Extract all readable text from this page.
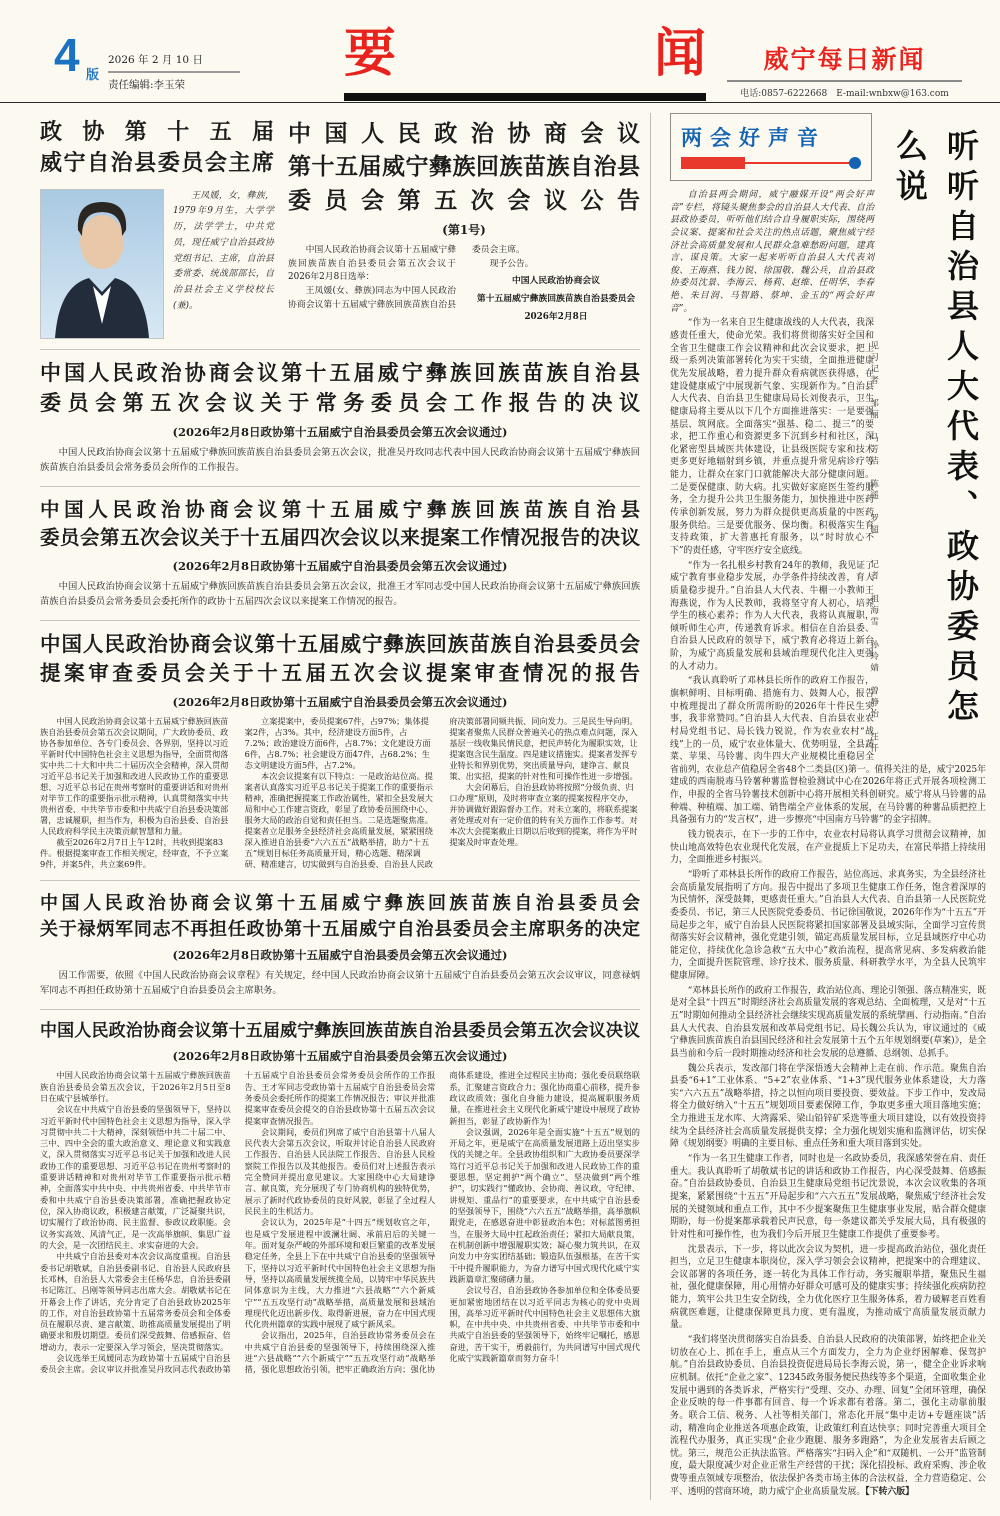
4 版
2026 年 2 月 10 日
责任编辑:李玉荣
要	闻	威宁每日新闻
电话:0857-6222668　E-mail:wnbxw@163.com
政协第十五届
威宁自治县委员会主席

王凤媛，女，彝族，1979年9月生，大学学历，法学学士，中共党员，现任威宁自治县政协党组书记、主席，自治县委常委、统战部部长，自治县社会主义学校校长(兼)。

中国人民政治协商会议
第十五届威宁彝族回族苗族自治县
委员会第五次会议公告
(第1号)

中国人民政治协商会议第十五届威宁彝族回族苗族自治县委员会第五次会议于2026年2月8日选举：

王凤媛(女、彝族)同志为中国人民政治协商会议第十五届威宁彝族回族苗族自治县委员会主席。

现予公告。

中国人民政治协商会议

第十五届威宁彝族回族苗族自治县委员会

2026年2月8日

中国人民政治协商会议第十五届威宁彝族回族苗族自治县
委员会第五次会议关于常务委员会工作报告的决议
(2026年2月8日政协第十五届威宁自治县委员会第五次会议通过)

中国人民政治协商会议第十五届威宁彝族回族苗族自治县委员会第五次会议，批准吴丹玫同志代表中国人民政治协商会议第十五届威宁彝族回族苗族自治县委员会常务委员会所作的工作报告。

中国人民政治协商会议第十五届威宁彝族回族苗族自治县
委员会第五次会议关于十五届四次会议以来提案工作情况报告的决议
(2026年2月8日政协第十五届威宁自治县委员会第五次会议通过)

中国人民政治协商会议第十五届威宁彝族回族苗族自治县委员会第五次会议，批准王才军同志受中国人民政治协商会议第十五届威宁彝族回族苗族自治县委员会常务委员会委托所作的政协十五届四次会议以来提案工作情况的报告。

中国人民政治协商会议第十五届威宁彝族回族苗族自治县委员会
提案审查委员会关于十五届五次会议提案审查情况的报告
(2026年2月8日政协第十五届威宁自治县委员会第五次会议通过)

中国人民政治协商会议第十五届威宁彝族回族苗族自治县委员会第五次会议期间，广大政协委员、政协各参加单位、各专门委员会、各界别，坚持以习近平新时代中国特色社会主义思想为指导，全面贯彻落实中共二十大和中共二十届历次全会精神，深入贯彻习近平总书记关于加强和改进人民政协工作的重要思想、习近平总书记在贵州考察时的重要讲话和对贵州对毕节工作的重要指示批示精神，认真贯彻落实中共贵州省委、中共毕节市委和中共威宁自治县委决策部署，忠诚履职，担当作为，积极为自治县委、自治县人民政府科学民主决策贡献智慧和力量。

截至2026年2月7日上午12时，共收到提案83件。根据提案审查工作相关规定，经审查，不予立案9件，并案5件，共立案69件。

立案提案中，委员提案67件，占97%；集体提案2件，占3%。其中，经济建设方面5件，占7.2%；政治建设方面6件，占8.7%；文化建设方面6件，占8.7%；社会建设方面47件，占68.2%；生态文明建设方面5件，占7.2%。

本次会议提案有以下特点：一是政治站位高。提案者认真落实习近平总书记关于提案工作的重要指示精神，准确把握提案工作政治属性，紧扣全县发展大局和中心工作建言资政，彰显了政协委员围绕中心、服务大局的政治自觉和责任担当。二是选题聚焦准。提案者立足服务全县经济社会高质量发展，紧紧围绕深入推进自治县委“六六五五”战略举措，助力“十五五”规划目标任务高质量开局，精心选题、精深调研、精准建言，切实做到与自治县委、自治县人民政府决策部署同频共振、同向发力。三是民生导向明。提案者聚焦人民群众普遍关心的热点难点问题，深入基层一线收集民情民意，把民声转化为履职实效，让提案饱含民生温度。四是建议措施实。提案者发挥专业特长和界别优势，突出质量导向，建诤言、献良策、出实招，提案的针对性和可操作性进一步增强。

大会闭幕后，自治县政协将按照“分级负责、归口办理”原则，及时将审查立案的提案按程序交办，并协调做好跟踪督办工作。对未立案的，将联系提案者处理或对有一定价值的转有关方面作工作参考。对本次大会提案截止日期以后收到的提案，将作为平时提案及时审查处理。

中国人民政治协商会议第十五届威宁彝族回族苗族自治县委员会
关于禄炳军同志不再担任政协第十五届威宁自治县委员会主席职务的决定
(2026年2月8日政协第十五届威宁自治县委员会第五次会议通过)

因工作需要，依照《中国人民政治协商会议章程》有关规定，经中国人民政治协商会议第十五届威宁自治县委员会第五次会议审议，同意禄炳军同志不再担任政协第十五届威宁自治县委员会主席职务。

中国人民政治协商会议第十五届威宁彝族回族苗族自治县委员会第五次会议决议
(2026年2月8日政协第十五届威宁自治县委员会第五次会议通过)

中国人民政治协商会议第十五届威宁彝族回族苗族自治县委员会第五次会议，于2026年2月5日至8日在威宁县城举行。

会议在中共威宁自治县委的坚强领导下，坚持以习近平新时代中国特色社会主义思想为指导，深入学习贯彻中共二十大精神，深刻领悟中共二十届二中、三中、四中全会的重大政治意义、理论意义和实践意义，深入贯彻落实习近平总书记关于加强和改进人民政协工作的重要思想、习近平总书记在贵州考察时的重要讲话精神和对贵州对毕节工作重要指示批示精神，全面落实中共中央、中共贵州省委、中共毕节市委和中共威宁自治县委决策部署，准确把握政协定位，深入协商议政，积极建言献策，广泛凝聚共识，切实履行了政治协商、民主监督、参政议政职能。会议务实高效、风清气正，是一次高举旗帜、集思广益的大会，是一次团结民主、求实奋进的大会。

中共威宁自治县委对本次会议高度重视。自治县委书记胡敬斌，自治县委副书记、自治县人民政府县长邓林，自治县人大常委会主任杨华忠，自治县委副书记陈江、吕刚等领导同志出席大会。胡敬斌书记在开幕会上作了讲话，充分肯定了自治县政协2025年的工作，对自治县政协第十五届常务委员会和全体委员在履职尽责、建言献策、助推高质量发展提出了明确要求和殷切期望。委员们深受鼓舞、倍感振奋、倍增动力，表示一定要深入学习领会，坚决贯彻落实。

会议选举王凤媛同志为政协第十五届威宁自治县委员会主席。会议审议并批准吴丹玫同志代表政协第十五届威宁自治县委员会常务委员会所作的工作报告、王才军同志受政协第十五届威宁自治县委员会常务委员会委托所作的提案工作情况报告；审议并批准提案审查委员会提交的自治县政协第十五届五次会议提案审查情况报告。

会议期间，委员们列席了威宁自治县第十八届人民代表大会第五次会议，听取并讨论自治县人民政府工作报告、自治县人民法院工作报告、自治县人民检察院工作报告以及其他报告。委员们对上述报告表示完全赞同并提出意见建议。大家围绕中心大局建诤言、献良策，充分展现了专门协商机构的独特优势，展示了新时代政协委员的良好风貌，彰显了全过程人民民主的生机活力。

会议认为，2025年是“十四五”规划收官之年，也是威宁发展进程中波澜壮阔、承前启后的关键一年。面对复杂严峻的外部环境和艰巨繁重的改革发展稳定任务，全县上下在中共威宁自治县委的坚强领导下，坚持以习近平新时代中国特色社会主义思想为指导，坚持以高质量发展统揽全局，以铸牢中华民族共同体意识为主线，大力推进“六县战略”“六个新威宁”“五五攻坚行动”战略举措，高质量发展和县域治理现代化迈出新步伐、取得新进展，奋力在中国式现代化贵州篇章的实践中展现了威宁新风采。

会议指出，2025年，自治县政协常务委员会在中共威宁自治县委的坚强领导下，持续围绕深入推进“六县战略”“六个新威宁”“五五攻坚行动”战略举措，强化思想政治引领，把牢正确政治方向；强化协商体系建设，推进全过程民主协商；强化委员联络联系，汇聚建言资政合力；强化协商重心前移，提升参政议政质效；强化自身能力建设，提高履职服务质量，在推进社会主义现代化新威宁建设中展现了政协新担当，彰显了政协新作为！

会议强调，2026年是全面实施“十五五”规划的开局之年，更是威宁在高质量发展道路上迈出坚实步伐的关键之年。全县政协组织和广大政协委员要深学笃行习近平总书记关于加强和改进人民政协工作的重要思想，坚定拥护“两个确立”、坚决做到“两个维护”，切实践行“懂政协、会协商、善议政，守纪律、讲规矩、重品行”的重要要求，在中共威宁自治县委的坚强领导下，围绕“六六五五”战略举措，高举旗帜跟党走，在感恩奋进中彰显政治本色；对标蓝图勇担当，在服务大局中扛起政治责任；紧扣大局献良策，在机制创新中增强履职实效；凝心聚力筑共识，在双向发力中夯实团结基础；锻造队伍强根基，在苦干实干中提升履职能力，为奋力谱写中国式现代化威宁实践新篇章汇聚磅礴力量。

会议号召，自治县政协各参加单位和全体委员要更加紧密地团结在以习近平同志为核心的党中央周围，高举习近平新时代中国特色社会主义思想伟大旗帜，在中共中央、中共贵州省委、中共毕节市委和中共威宁自治县委的坚强领导下，始终牢记嘱托，感恩奋进，苦干实干，勇毅前行，为共同谱写中国式现代化威宁实践新篇章而努力奋斗！

听听自治县人大代表、政协委员怎么说
见习记者　邹丽　马芳洁　陈遥　罗超　　记者　祖海雪　孙玲婧　曾静怡　汪仟
两会好声音

自治县两会期间，威宁融媒开设“两会好声音”专栏，将镜头聚焦参会的自治县人大代表、自治县政协委员，听听他们结合自身履职实际，围绕两会议案、提案和社会关注的热点话题，聚焦威宁经济社会高质量发展和人民群众急难愁盼问题，建真言、谋良策。大家一起来听听自治县人大代表刘俊、王海燕、钱力锐、徐国敬、魏公兵，自治县政协委员沈景、李海云、杨莉、赵维、任明华、李春艳、朱目润、马智路、蔡坤、金玉的“两会好声音”。

“作为一名来自卫生健康战线的人大代表，我深感责任重大，使命光荣。我们将贯彻落实好全国和全省卫生健康工作会议精神和此次会议要求，把上级一系列决策部署转化为实干实绩，全面推进健康优先发展战略，着力提升群众看病就医获得感，在建设健康威宁中展现新气象、实现新作为。”自治县人大代表、自治县卫生健康局局长刘俊表示，卫生健康局将主要从以下几个方面推进落实：一是要强基层、筑网底。全面落实“强基、稳二、提三”的要求，把工作重心和资源更多下沉到乡村和社区，深化紧密型县域医共体建设，让县级医院专家和技术更多更好地辐射到乡镇，并重点提升常见病诊疗等能力，让群众在家门口就能解决大部分健康问题。二是要保健康、防大病。扎实做好家庭医生签约服务，全力提升公共卫生服务能力，加快推进中医药传承创新发展，努力为群众提供更高质量的中医药服务供给。三是要优服务、保均衡。积极落实生育支持政策，扩大普惠托育服务，以“时时放心不下”的责任感，守牢医疗安全底线。

“作为一名扎根乡村教育24年的教师，我见证了威宁教育事业稳步发展，办学条件持续改善，育人质量稳步提升。”自治县人大代表、牛棚一小教师王海燕说，作为人民教师，我将坚守育人初心，培养学生的核心素养；作为人大代表，我将认真履职，倾听师生心声，传递教育诉求。相信在自治县委、自治县人民政府的领导下，威宁教育必将迈上新台阶，为威宁高质量发展和县域治理现代化注入更强的人才动力。

“我认真聆听了邓林县长所作的政府工作报告，旗帜鲜明、目标明确、措施有力、鼓舞人心，报告中梳理提出了群众所需所盼的2026年十件民生实事，我非常赞同。”自治县人大代表、自治县农业农村局党组书记、局长钱力锐说，作为农业农村“战线”上的一员，威宁农业体量大、优势明显，全县蔬菜、苹果、马铃薯、肉牛四大产业规模比重稳居全省前列，农业总产值稳居全省48个二类县(区)第一。值得关注的是，威宁2025年建成的西南脱毒马铃薯种薯监督检验测试中心在2026年将正式开展各项检测工作，申报的全省马铃薯技术创新中心将开展相关科创研究。威宁将从马铃薯的品种端、种植端、加工端、销售端全产业体系的发展，在马铃薯的种薯品质把控上具备强有力的“发言权”，进一步擦亮“中国南方马铃薯”的金字招牌。

钱力锐表示，在下一步的工作中，农业农村局将认真学习贯彻会议精神，加快山地高效特色农业现代化发展，在产业提质上下足功夫，在富民举措上持续用力，全面推进乡村振兴。

“聆听了邓林县长所作的政府工作报告，站位高远、求真务实，为全县经济社会高质量发展指明了方向。报告中提出了多项卫生健康工作任务，饱含着深厚的为民情怀，深受鼓舞，更感责任重大。”自治县人大代表、自治县第一人民医院党委委员、书记，第三人民医院党委委员、书记徐国敬说，2026年作为“十五五”开局起步之年，威宁自治县人民医院将紧扣国家部署及县域实际，全面学习宣传贯彻落实好会议精神，强化党建引领，锚定高质量发展目标，立足县域医疗中心功能定位，持续优化急诊急救“五大中心”救治流程，提高常见病、多发病救治能力，全面提升医院管理、诊疗技术、服务质量、科研教学水平，为全县人民筑牢健康屏障。

“邓林县长所作的政府工作报告，政治站位高、理论引领强、落点精准实，既是对全县“十四五”时期经济社会高质量发展的客观总结、全面梳理，又是对“十五五”时期如何推动全县经济社会继续实现高质量发展的系统擘画、行动指南。”自治县人大代表、自治县发展和改革局党组书记、局长魏公兵认为，审议通过的《威宁彝族回族苗族自治县国民经济和社会发展第十五个五年规划纲要(草案)》，是全县当前和今后一段时期推动经济和社会发展的总遵循、总纲领、总抓手。

魏公兵表示，发改部门将在学深悟透大会精神上走在前、作示范。聚焦自治县委“6+1”工业体系、“5+2”农业体系、“1+3”现代服务业体系建设，大力落实“六六五五”战略举措，持之以恒向项目要投资、要效益。下步工作中，发改局将全力做好纳入“十五五”规划项目要素保障工作，争取更多重大项目落地实施；全力推进玉龙水库、大湾露采、梁山铅锌矿采选等重大项目建设，以有效投资持续为全县经济社会高质量发展提供支撑；全力强化规划实施和监测评估，切实保障《规划纲要》明确的主要目标、重点任务和重大项目落到实处。

“作为一名卫生健康工作者，同时也是一名政协委员，我深感荣誉在肩、责任重大。我认真聆听了胡敬斌书记的讲话和政协工作报告，内心深受鼓舞、倍感振奋。”自治县政协委员、自治县卫生健康局党组书记沈景说，本次会议收集的各项提案，紧紧围绕“十五五”开局起步和“六六五五”发展战略，聚焦威宁经济社会发展的关键领域和重点工作，其中不少提案聚焦卫生健康事业发展，贴合群众健康期盼，每一份提案都承载着民声民意，每一条建议都关乎发展大局，具有极强的针对性和可操作性，也为我们今后开展卫生健康工作提供了重要参考。

沈景表示，下一步，将以此次会议为契机，进一步提高政治站位，强化责任担当，立足卫生健康本职岗位，深入学习领会会议精神，把提案中的合理建议、会议部署的各项任务，逐一转化为具体工作行动，务实履职举措，聚焦民生福祉，强化健康保障，用心用情办好群众可感可及的健康实事；持续强化疾病防控能力，筑牢公共卫生安全防线，全力优化医疗卫生服务体系，着力破解老百姓看病就医难题，让健康保障更具力度、更有温度，为推动威宁高质量发展贡献力量。

“我们将坚决贯彻落实自治县委、自治县人民政府的决策部署，始终把企业关切放在心上、抓在手上，重点从三个方面发力，全力为企业纾困解难、保驾护航。”自治县政协委员、自治县投资促进局局长李海云说，第一，健全企业诉求响应机制。依托“企业之家”、12345政务服务便民热线等多个渠道，全面收集企业发展中遇到的各类诉求，严格实行“受理、交办、办理、回复”全闭环管理，确保企业反映的每一件事都有回音、每一个诉求都有着落。第二，强化主动靠前服务。联合工信、税务、人社等相关部门，常态化开展“集中走访+专题座谈”活动，精准向企业推送各项惠企政策，让政策红利直达快享；同时完善重大项目全流程代办服务，真正实现“企业少跑腿、服务多跑路”，为企业发展省去后顾之忧。第三，规范公正执法监管。严格落实“扫码入企”和“双随机、一公开”监管制度，最大限度减少对企业正常生产经营的干扰；深化招投标、政府采购、涉企收费等重点领域专项整治，依法保护各类市场主体的合法权益，全力营造稳定、公平、透明的营商环境，助力威宁企业高质量发展。【下转六版】
